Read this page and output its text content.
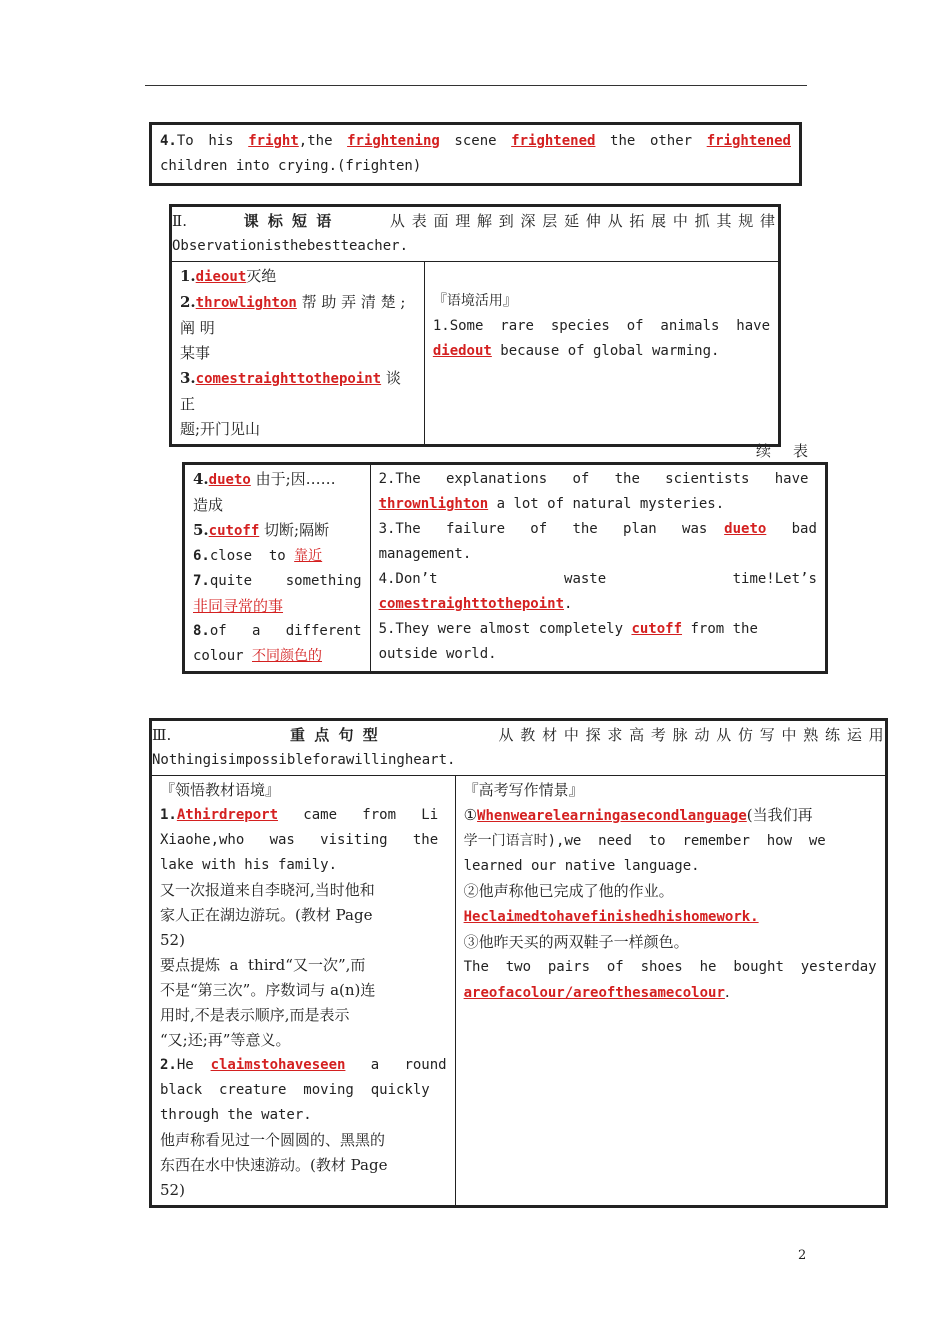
4.To his fright,the frightening scene frightened the other frightened
children into crying.(frighten)
Ⅱ.	课 标 短 语	从 表 面 理 解 到 深 层 延 伸 从 拓 展 中 抓 其 规 律
Observationisthebestteacher.

1.dieout灭绝
2.throwlighton 帮 助 弄 清 楚 ; 阐 明
某事
3.comestraighttothepoint 谈 正
题;开门见山

『语境活用』
1.Some  rare  species  of  animals  have
diedout because of global warming.
续 表
4.dueto 由于;因……
造成
5.cutoff 切断;隔断
6.close  to 靠近
7.quite    something
非同寻常的事
8.of   a   different
colour 不同颜色的

2.The   explanations   of   the   scientists   have
thrownlighton a lot of natural mysteries.
3.The   failure   of   the   plan   was  dueto   bad
management.
4.Don’t	waste	time!Let’s
comestraighttothepoint.
5.They were almost completely cutoff from the
outside world.
Ⅲ.	重 点 句 型	从 教 材 中 探 求 高 考 脉 动 从 仿 写 中 熟 练 运 用
Nothingisimpossibleforawillingheart.

『领悟教材语境』
1.Athirdreport   came   from   Li
Xiaohe,who   was   visiting   the
lake with his family.
又一次报道来自李晓河,当时他和
家人正在湖边游玩。(教材 Page
52)
要点提炼  a  third“又一次”,而
不是“第三次”。序数词与 a(n)连
用时,不是表示顺序,而是表示
“又;还;再”等意义。
2.He  claimstohaveseen   a   round
black  creature  moving  quickly
through the water.
他声称看见过一个圆圆的、黑黑的
东西在水中快速游动。(教材 Page
52)

『高考写作情景』
①Whenwearelearningasecondlanguage(当我们再
学一门语言时),we  need  to  remember  how  we
learned our native language.
②他声称他已完成了他的作业。
Heclaimedtohavefinishedhishomework.
③他昨天买的两双鞋子一样颜色。
The  two  pairs  of  shoes  he  bought  yesterday
areofacolour/areofthesamecolour.
2
